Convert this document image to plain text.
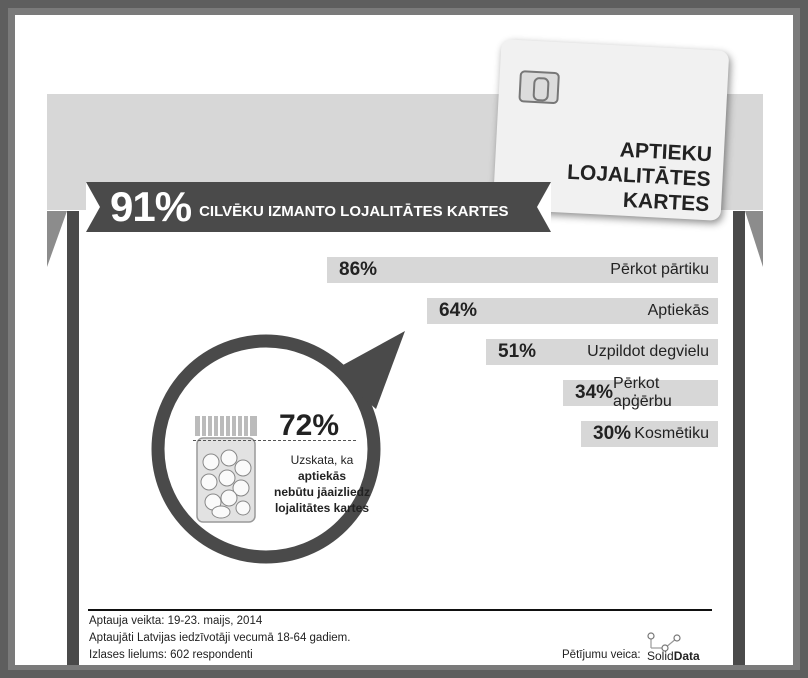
APTIEKU
LOJALITĀTES KARTES
91% CILVĒKU IZMANTO LOJALITĀTES KARTES
86%	Pērkot pārtiku
64%	Aptiekās
51%	Uzpildot degvielu
34% Pērkot apģērbu
30% Kosmētiku
72%
Uzskata, ka
aptiekās
nebūtu jāaizliedz
lojalitātes kartes
Aptauja veikta: 19-23. maijs, 2014
Aptaujāti Latvijas iedzīvotāji vecumā 18-64 gadiem.
Izlases lielums: 602 respondenti	Pētījumu veica: SolidData
